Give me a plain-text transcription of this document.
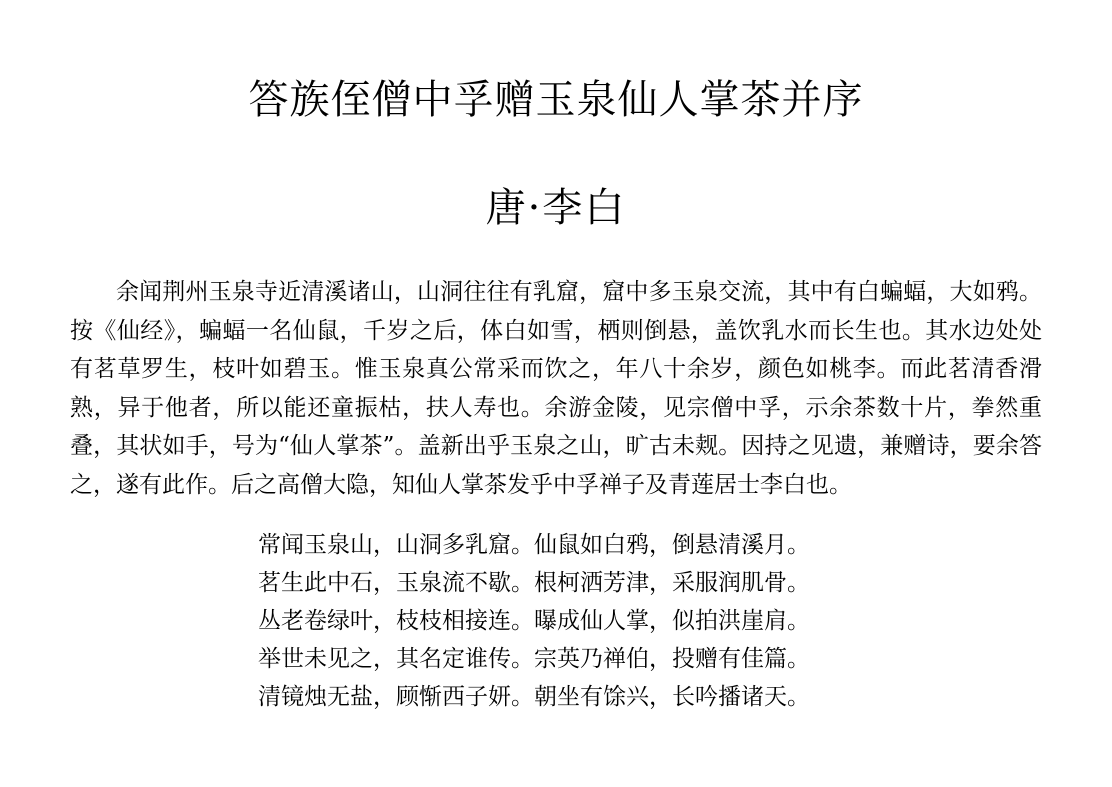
答族侄僧中孚赠玉泉仙人掌茶并序
唐·李白
余闻荆州玉泉寺近清溪诸山，山洞往往有乳窟，窟中多玉泉交流，其中有白蝙蝠，大如鸦。按《仙经》，蝙蝠一名仙鼠，千岁之后，体白如雪，栖则倒悬，盖饮乳水而长生也。其水边处处有茗草罗生，枝叶如碧玉。惟玉泉真公常采而饮之，年八十余岁，颜色如桃李。而此茗清香滑熟，异于他者，所以能还童振枯，扶人寿也。余游金陵，见宗僧中孚，示余茶数十片，拳然重叠，其状如手，号为“仙人掌茶”。盖新出乎玉泉之山，旷古未觌。因持之见遗，兼赠诗，要余答之，遂有此作。后之高僧大隐，知仙人掌茶发乎中孚禅子及青莲居士李白也。
常闻玉泉山，山洞多乳窟。仙鼠如白鸦，倒悬清溪月。
茗生此中石，玉泉流不歇。根柯洒芳津，采服润肌骨。
丛老卷绿叶，枝枝相接连。曝成仙人掌，似拍洪崖肩。
举世未见之，其名定谁传。宗英乃禅伯，投赠有佳篇。
清镜烛无盐，顾惭西子妍。朝坐有馀兴，长吟播诸天。
